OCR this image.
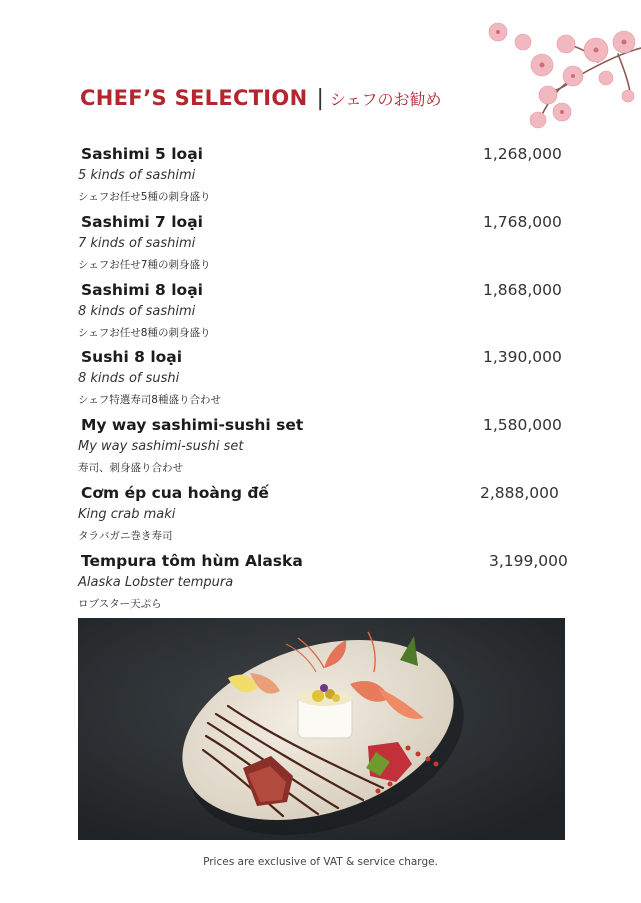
CHEF’S SELECTION | シェフのお勧め
Sashimi 5 loại	1,268,000
5 kinds of sashimi
シェフお任せ5種の刺身盛り
Sashimi 7 loại	1,768,000
7 kinds of sashimi
シェフお任せ7種の刺身盛り
Sashimi 8 loại	1,868,000
8 kinds of sashimi
シェフお任せ8種の刺身盛り
Sushi 8 loại	1,390,000
8 kinds of sushi
シェフ特選寿司8種盛り合わせ
My way sashimi-sushi set	1,580,000
My way sashimi-sushi set
寿司、刺身盛り合わせ
Cơm ép cua hoàng đế	2,888,000
King crab maki
タラバガニ巻き寿司
Tempura tôm hùm Alaska	3,199,000
Alaska Lobster tempura
ロブスター天ぷら
Prices are exclusive of VAT & service charge.
